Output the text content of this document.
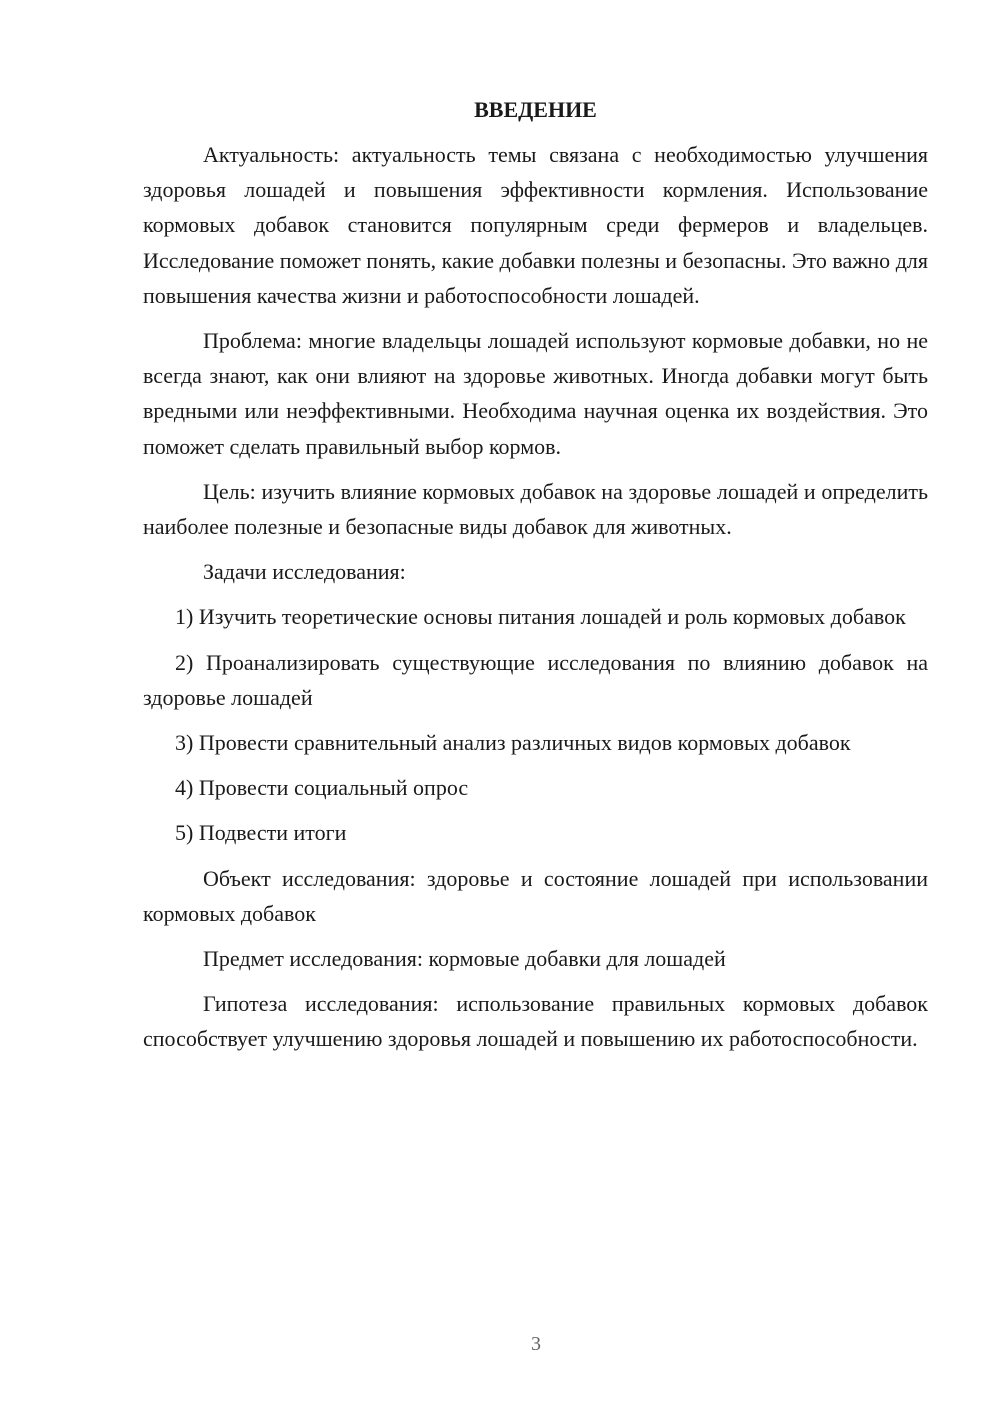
ВВЕДЕНИЕ

Актуальность: актуальность темы связана с необходимостью улучшения здоровья лошадей и повышения эффективности кормления. Использование кормовых добавок становится популярным среди фермеров и владельцев. Исследование поможет понять, какие добавки полезны и безопасны. Это важно для повышения качества жизни и работоспособности лошадей.

Проблема: многие владельцы лошадей используют кормовые добавки, но не всегда знают, как они влияют на здоровье животных. Иногда добавки могут быть вредными или неэффективными. Необходима научная оценка их воздействия. Это поможет сделать правильный выбор кормов.

Цель: изучить влияние кормовых добавок на здоровье лошадей и определить наиболее полезные и безопасные виды добавок для животных.

Задачи исследования:

1) Изучить теоретические основы питания лошадей и роль кормовых добавок

2) Проанализировать существующие исследования по влиянию добавок на здоровье лошадей

3) Провести сравнительный анализ различных видов кормовых добавок

4) Провести социальный опрос

5) Подвести итоги

Объект исследования: здоровье и состояние лошадей при использовании кормовых добавок

Предмет исследования: кормовые добавки для лошадей

Гипотеза исследования: использование правильных кормовых добавок способствует улучшению здоровья лошадей и повышению их работоспособности.

3
